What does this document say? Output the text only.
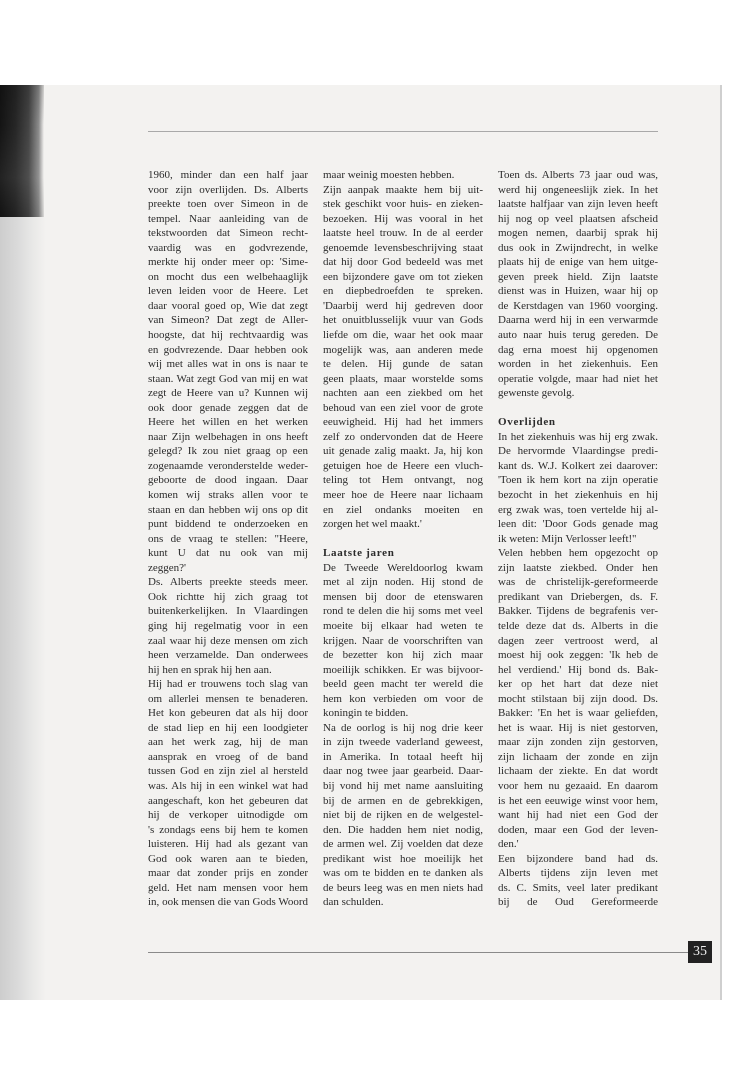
1960, minder dan een half jaar
voor zijn overlijden. Ds. Alberts
preekte toen over Simeon in de
tempel. Naar aanleiding van de
tekstwoorden dat Simeon recht-
vaardig was en godvrezende,
merkte hij onder meer op: 'Sime-
on mocht dus een welbehaaglijk
leven leiden voor de Heere. Let
daar vooral goed op, Wie dat zegt
van Simeon? Dat zegt de Aller-
hoogste, dat hij rechtvaardig was
en godvrezende. Daar hebben ook
wij met alles wat in ons is naar te
staan. Wat zegt God van mij en wat
zegt de Heere van u? Kunnen wij
ook door genade zeggen dat de
Heere het willen en het werken
naar Zijn welbehagen in ons heeft
gelegd? Ik zou niet graag op een
zogenaamde veronderstelde weder-
geboorte de dood ingaan. Daar
komen wij straks allen voor te
staan en dan hebben wij ons op dit
punt biddend te onderzoeken en
ons de vraag te stellen: "Heere,
kunt U dat nu ook van mij
zeggen?'
Ds. Alberts preekte steeds meer.
Ook richtte hij zich graag tot
buitenkerkelijken. In Vlaardingen
ging hij regelmatig voor in een
zaal waar hij deze mensen om zich
heen verzamelde. Dan onderwees
hij hen en sprak hij hen aan.
Hij had er trouwens toch slag van
om allerlei mensen te benaderen.
Het kon gebeuren dat als hij door
de stad liep en hij een loodgieter
aan het werk zag, hij de man
aansprak en vroeg of de band
tussen God en zijn ziel al hersteld
was. Als hij in een winkel wat had
aangeschaft, kon het gebeuren dat
hij de verkoper uitnodigde om
's zondags eens bij hem te komen
luisteren. Hij had als gezant van
God ook waren aan te bieden,
maar dat zonder prijs en zonder
geld. Het nam mensen voor hem
in, ook mensen die van Gods Woord
maar weinig moesten hebben.
Zijn aanpak maakte hem bij uit-
stek geschikt voor huis- en zieken-
bezoeken. Hij was vooral in het
laatste heel trouw. In de al eerder
genoemde levensbeschrijving staat
dat hij door God bedeeld was met
een bijzondere gave om tot zieken
en diepbedroefden te spreken.
'Daarbij werd hij gedreven door
het onuitblusselijk vuur van Gods
liefde om die, waar het ook maar
mogelijk was, aan anderen mede
te delen. Hij gunde de satan
geen plaats, maar worstelde soms
nachten aan een ziekbed om het
behoud van een ziel voor de grote
eeuwigheid. Hij had het immers
zelf zo ondervonden dat de Heere
uit genade zalig maakt. Ja, hij kon
getuigen hoe de Heere een vluch-
teling tot Hem ontvangt, nog
meer hoe de Heere naar lichaam
en ziel ondanks moeiten en
zorgen het wel maakt.'
Laatste jaren
De Tweede Wereldoorlog kwam
met al zijn noden. Hij stond de
mensen bij door de etenswaren
rond te delen die hij soms met veel
moeite bij elkaar had weten te
krijgen. Naar de voorschriften van
de bezetter kon hij zich maar
moeilijk schikken. Er was bijvoor-
beeld geen macht ter wereld die
hem kon verbieden om voor de
koningin te bidden.
Na de oorlog is hij nog drie keer
in zijn tweede vaderland geweest,
in Amerika. In totaal heeft hij
daar nog twee jaar gearbeid. Daar-
bij vond hij met name aansluiting
bij de armen en de gebrekkigen,
niet bij de rijken en de welgestel-
den. Die hadden hem niet nodig,
de armen wel. Zij voelden dat deze
predikant wist hoe moeilijk het
was om te bidden en te danken als
de beurs leeg was en men niets had
dan schulden.
Toen ds. Alberts 73 jaar oud was,
werd hij ongeneeslijk ziek. In het
laatste halfjaar van zijn leven heeft
hij nog op veel plaatsen afscheid
mogen nemen, daarbij sprak hij
dus ook in Zwijndrecht, in welke
plaats hij de enige van hem uitge-
geven preek hield. Zijn laatste
dienst was in Huizen, waar hij op
de Kerstdagen van 1960 voorging.
Daarna werd hij in een verwarmde
auto naar huis terug gereden. De
dag erna moest hij opgenomen
worden in het ziekenhuis. Een
operatie volgde, maar had niet het
gewenste gevolg.
Overlijden
In het ziekenhuis was hij erg zwak.
De hervormde Vlaardingse predi-
kant ds. W.J. Kolkert zei daarover:
'Toen ik hem kort na zijn operatie
bezocht in het ziekenhuis en hij
erg zwak was, toen vertelde hij al-
leen dit: 'Door Gods genade mag
ik weten: Mijn Verlosser leeft!''
Velen hebben hem opgezocht op
zijn laatste ziekbed. Onder hen
was de christelijk-gereformeerde
predikant van Driebergen, ds. F.
Bakker. Tijdens de begrafenis ver-
telde deze dat ds. Alberts in die
dagen zeer vertroost werd, al
moest hij ook zeggen: 'Ik heb de
hel verdiend.' Hij bond ds. Bak-
ker op het hart dat deze niet
mocht stilstaan bij zijn dood. Ds.
Bakker: 'En het is waar geliefden,
het is waar. Hij is niet gestorven,
maar zijn zonden zijn gestorven,
zijn lichaam der zonde en zijn
lichaam der ziekte. En dat wordt
voor hem nu gezaaid. En daarom
is het een eeuwige winst voor hem,
want hij had niet een God der
doden, maar een God der leven-
den.'
Een bijzondere band had ds.
Alberts tijdens zijn leven met
ds. C. Smits, veel later predikant
bij de Oud Gereformeerde
35
